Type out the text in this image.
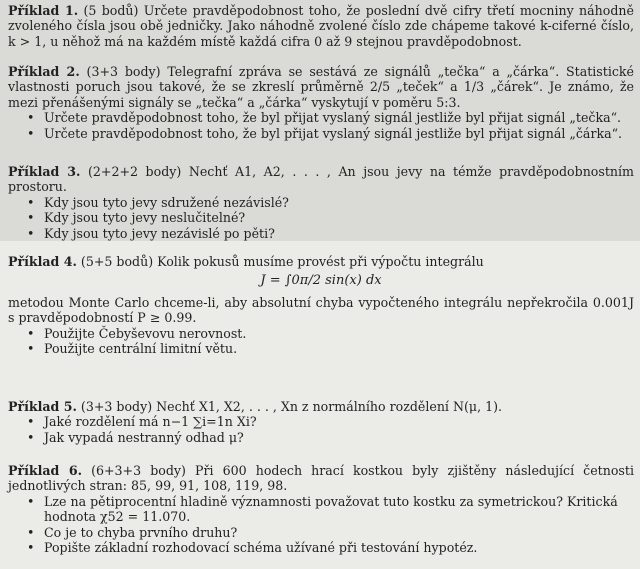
Příklad 1. (5 bodů) Určete pravděpodobnost toho, že poslední dvě cifry třetí mocniny náhodně zvoleného čísla jsou obě jedničky. Jako náhodně zvolené číslo zde chápeme takové k-ciferné číslo, k > 1, u něhož má na každém místě každá cifra 0 až 9 stejnou pravděpodobnost.

Příklad 2. (3+3 body) Telegrafní zpráva se sestává ze signálů „tečka“ a „čárka“. Statistické vlastnosti poruch jsou takové, že se zkreslí průměrně 2/5 „teček“ a 1/3 „čárek“. Je známo, že mezi přenášenými signály se „tečka“ a „čárka“ vyskytují v poměru 5:3.

• Určete pravděpodobnost toho, že byl přijat vyslaný signál jestliže byl přijat signál „tečka“.
• Určete pravděpodobnost toho, že byl přijat vyslaný signál jestliže byl přijat signál „čárka“.

Příklad 3. (2+2+2 body) Nechť A1, A2, . . . , An jsou jevy na témže pravděpodobnostním prostoru.

• Kdy jsou tyto jevy sdružené nezávislé?
• Kdy jsou tyto jevy neslučitelné?
• Kdy jsou tyto jevy nezávislé po pěti?

Příklad 4. (5+5 bodů) Kolik pokusů musíme provést při výpočtu integrálu

J = ∫0π/2 sin(x) dx

metodou Monte Carlo chceme-li, aby absolutní chyba vypočteného integrálu nepřekročila 0.001J s pravděpodobností P ≥ 0.99.

• Použijte Čebyševovu nerovnost.
• Použijte centrální limitní větu.

Příklad 5. (3+3 body) Nechť X1, X2, . . . , Xn z normálního rozdělení N(μ, 1).

• Jaké rozdělení má n−1 ∑i=1n Xi?
• Jak vypadá nestranný odhad μ?

Příklad 6. (6+3+3 body) Při 600 hodech hrací kostkou byly zjištěny následující četnosti jednotlivých stran: 85, 99, 91, 108, 119, 98.

• Lze na pětiprocentní hladině významnosti považovat tuto kostku za symetrickou? Kritická hodnota χ52 = 11.070.
• Co je to chyba prvního druhu?
• Popište základní rozhodovací schéma užívané při testování hypotéz.
